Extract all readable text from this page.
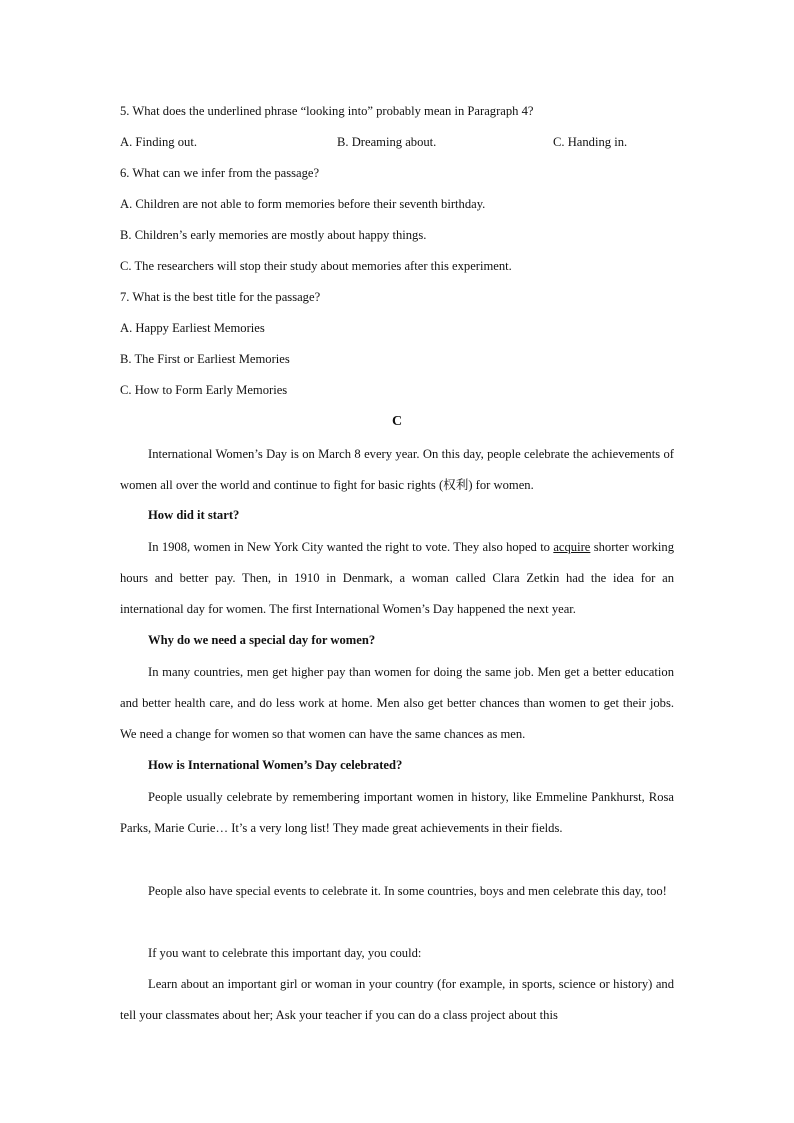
5. What does the underlined phrase “looking into” probably mean in Paragraph 4?
A. Finding out.	B. Dreaming about.	C. Handing in.
6. What can we infer from the passage?
A. Children are not able to form memories before their seventh birthday.
B. Children’s early memories are mostly about happy things.
C. The researchers will stop their study about memories after this experiment.
7. What is the best title for the passage?
A. Happy Earliest Memories
B. The First or Earliest Memories
C. How to Form Early Memories
C

International Women’s Day is on March 8 every year. On this day, people celebrate the achievements of women all over the world and continue to fight for basic rights (权利) for women.

How did it start?

In 1908, women in New York City wanted the right to vote. They also hoped to acquire shorter working hours and better pay. Then, in 1910 in Denmark, a woman called Clara Zetkin had the idea for an international day for women. The first International Women’s Day happened the next year.

Why do we need a special day for women?

In many countries, men get higher pay than women for doing the same job. Men get a better education and better health care, and do less work at home. Men also get better chances than women to get their jobs. We need a change for women so that women can have the same chances as men.

How is International Women’s Day celebrated?

People usually celebrate by remembering important women in history, like Emmeline Pankhurst, Rosa Parks, Marie Curie… It’s a very long list! They made great achievements in their fields.

People also have special events to celebrate it. In some countries, boys and men celebrate this day, too!

If you want to celebrate this important day, you could:

Learn about an important girl or woman in your country (for example, in sports, science or history) and tell your classmates about her; Ask your teacher if you can do a class project about this
